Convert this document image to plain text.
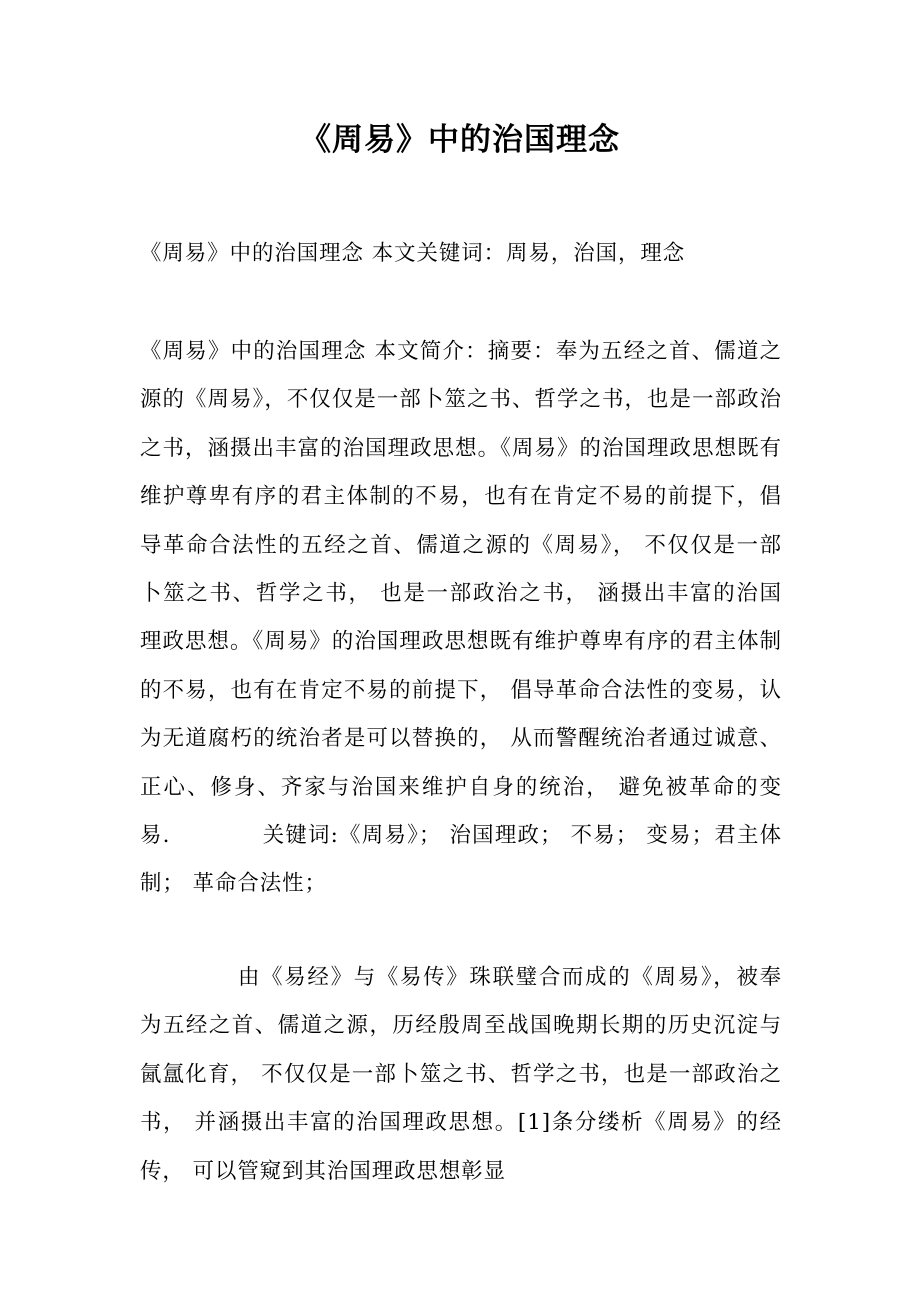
《周易》中的治国理念

《周易》中的治国理念 本文关键词：周易，治国，理念

《周易》中的治国理念 本文简介：摘要：奉为五经之首、儒道之源的《周易》，不仅仅是一部卜筮之书、哲学之书，也是一部政治之书，涵摄出丰富的治国理政思想。《周易》的治国理政思想既有维护尊卑有序的君主体制的不易，也有在肯定不易的前提下，倡导革命合法性的五经之首、儒道之源的《周易》， 不仅仅是一部卜筮之书、哲学之书， 也是一部政治之书， 涵摄出丰富的治国理政思想。《周易》的治国理政思想既有维护尊卑有序的君主体制的不易，也有在肯定不易的前提下， 倡导革命合法性的变易，认为无道腐朽的统治者是可以替换的， 从而警醒统治者通过诚意、正心、修身、齐家与治国来维护自身的统治， 避免被革命的变易.	关键词:《周易》； 治国理政； 不易； 变易；君主体制； 革命合法性；

由《易经》与《易传》珠联璧合而成的《周易》，被奉为五经之首、儒道之源，历经殷周至战国晚期长期的历史沉淀与氤氲化育， 不仅仅是一部卜筮之书、哲学之书，也是一部政治之书， 并涵摄出丰富的治国理政思想。[1]条分缕析《周易》的经传， 可以管窥到其治国理政思想彰显
